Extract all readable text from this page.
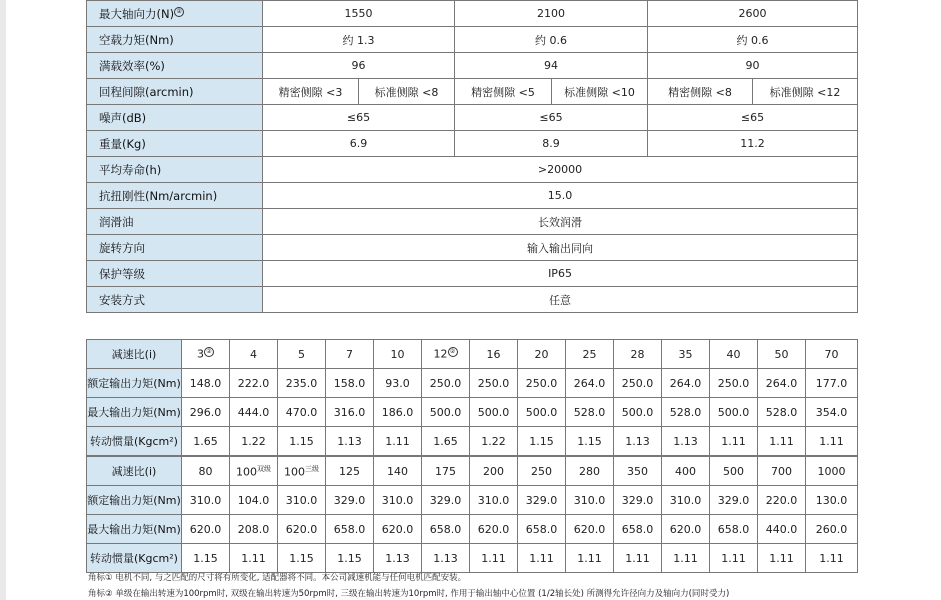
最大轴向力(N) ②	1550		2100		2600	
空载力矩(Nm)	约 1.3		约 0.6		约 0.6	
满载效率(%)	96		94		90	
回程间隙(arcmin)	精密侧隙 <3	标准侧隙 <8	精密侧隙 <5	标准侧隙 <10	精密侧隙 <8	标准侧隙 <12
噪声(dB)	≤65		≤65		≤65	
重量(Kg)	6.9		8.9		11.2	
平均寿命(h)	>20000					
抗扭刚性(Nm/arcmin)	15.0					
润滑油	长效润滑					
旋转方向	输入输出同向					
保护等级	IP65					
安装方式	任意					
减速比(i)	3 ②	4	5	7	10	12 ②	16	20	25	28	35	40	50	70
额定输出力矩(Nm)	148.0	222.0	235.0	158.0	93.0	250.0	250.0	250.0	264.0	250.0	264.0	250.0	264.0	177.0
最大输出力矩(Nm)	296.0	444.0	470.0	316.0	186.0	500.0	500.0	500.0	528.0	500.0	528.0	500.0	528.0	354.0
转动惯量(Kgcm²)	1.65	1.22	1.15	1.13	1.11	1.65	1.22	1.15	1.15	1.13	1.13	1.11	1.11	1.11
减速比(i)	80	$100^{双级}$	$100^{三级}$	125	140	175	200	250	280	350	400	500	700	1000
额定输出力矩(Nm)	310.0	104.0	310.0	329.0	310.0	329.0	310.0	329.0	310.0	329.0	310.0	329.0	220.0	130.0
最大输出力矩(Nm)	620.0	208.0	620.0	658.0	620.0	658.0	620.0	658.0	620.0	658.0	620.0	658.0	440.0	260.0
转动惯量(Kgcm²)	1.15	1.11	1.15	1.15	1.13	1.13	1.11	1.11	1.11	1.11	1.11	1.11	1.11	1.11
角标① 电机不同, 与之匹配的尺寸将有所变化, 适配器将不同。本公司减速机能与任何电机匹配安装。
角标② 单级在输出转速为100rpm时, 双级在输出转速为50rpm时, 三级在输出转速为10rpm时, 作用于输出轴中心位置 (1/2轴长处) 所测得允许径向力及轴向力(同时受力)
